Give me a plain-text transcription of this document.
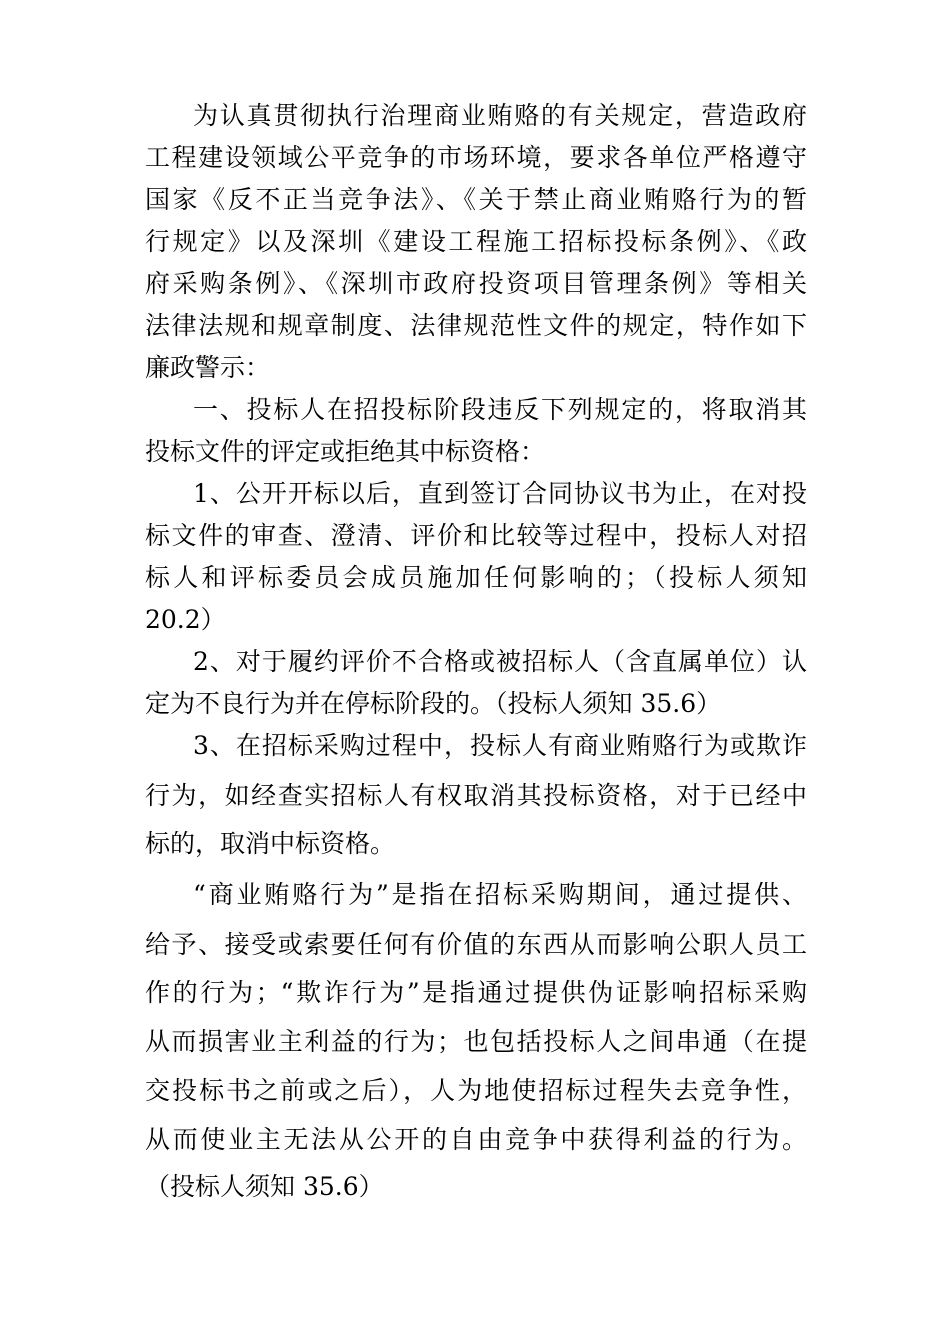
为认真贯彻执行治理商业贿赂的有关规定，营造政府
工程建设领域公平竞争的市场环境，要求各单位严格遵守
国家《反不正当竞争法》、《关于禁止商业贿赂行为的暂
行规定》以及深圳《建设工程施工招标投标条例》、《政
府采购条例》、《深圳市政府投资项目管理条例》等相关
法律法规和规章制度、法律规范性文件的规定，特作如下
廉政警示：
一、投标人在招投标阶段违反下列规定的，将取消其
投标文件的评定或拒绝其中标资格：
1、公开开标以后，直到签订合同协议书为止，在对投
标文件的审查、澄清、评价和比较等过程中，投标人对招
标人和评标委员会成员施加任何影响的；（投标人须知
20.2）
2、对于履约评价不合格或被招标人（含直属单位）认
定为不良行为并在停标阶段的。（投标人须知 35.6）
3、在招标采购过程中，投标人有商业贿赂行为或欺诈
行为，如经查实招标人有权取消其投标资格，对于已经中
标的，取消中标资格。
“商业贿赂行为”是指在招标采购期间，通过提供、
给予、接受或索要任何有价值的东西从而影响公职人员工
作的行为；“欺诈行为”是指通过提供伪证影响招标采购
从而损害业主利益的行为；也包括投标人之间串通（在提
交投标书之前或之后），人为地使招标过程失去竞争性，
从而使业主无法从公开的自由竞争中获得利益的行为。
（投标人须知 35.6）
